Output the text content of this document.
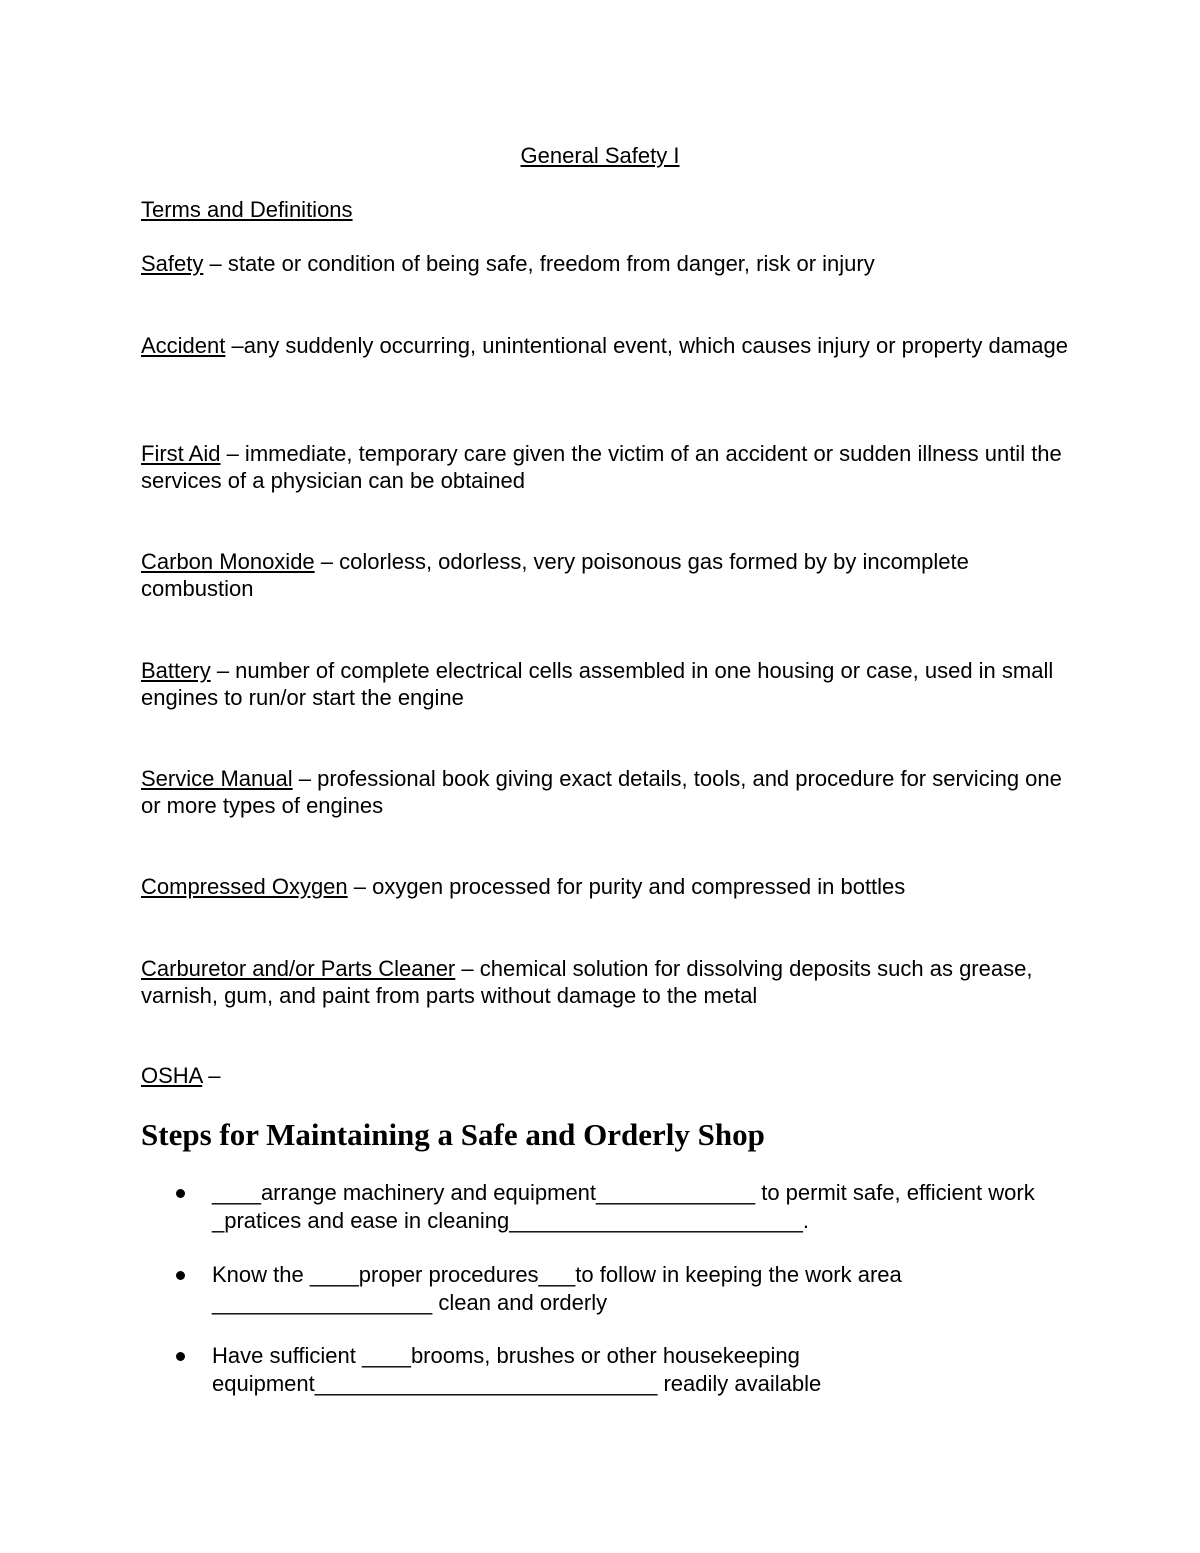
General Safety I
Terms and Definitions
Safety – state or condition of being safe, freedom from danger, risk or injury
Accident –any suddenly occurring, unintentional event, which causes injury or property damage
First Aid – immediate, temporary care given the victim of an accident or sudden illness until the services of a physician can be obtained
Carbon Monoxide – colorless, odorless, very poisonous gas formed by by incomplete combustion
Battery – number of complete electrical cells assembled in one housing or case, used in small engines to run/or start the engine
Service Manual – professional book giving exact details, tools, and procedure for servicing one or more types of engines
Compressed Oxygen – oxygen processed for purity and compressed in bottles
Carburetor and/or Parts Cleaner – chemical solution for dissolving deposits such as grease, varnish, gum, and paint from parts without damage to the metal
OSHA –
Steps for Maintaining a Safe and Orderly Shop
____arrange machinery and equipment_____________ to permit safe, efficient work _pratices and ease in cleaning________________________.
Know the ____proper procedures___to follow in keeping the work area __________________ clean and orderly
Have sufficient ____brooms, brushes or other housekeeping equipment____________________________ readily available
